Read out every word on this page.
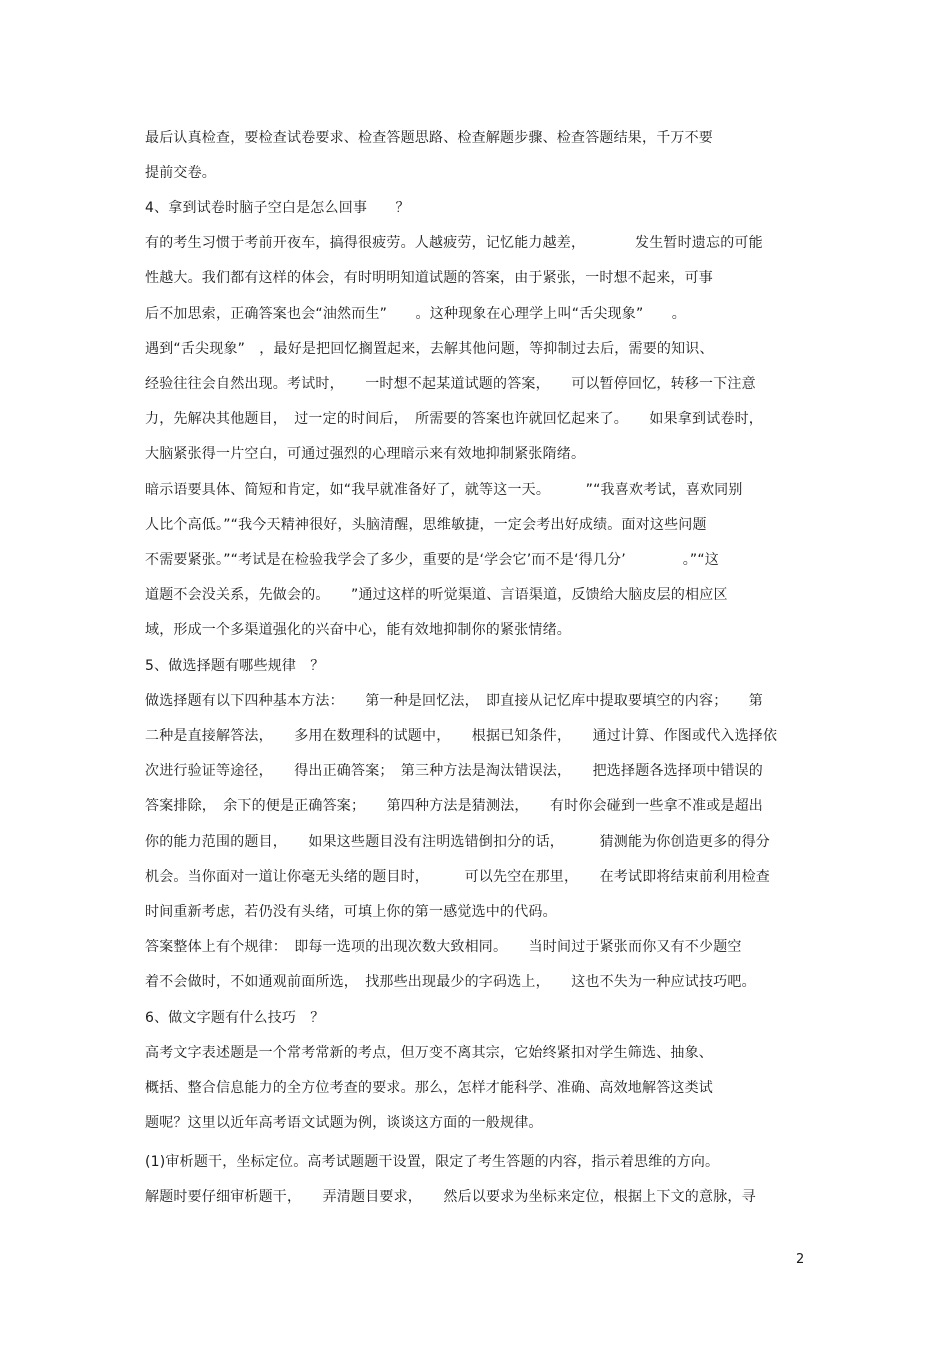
最后认真检查，要检查试卷要求、检查答题思路、检查解题步骤、检查答题结果，千万不要
提前交卷。
4、拿到试卷时脑子空白是怎么回事　　？
有的考生习惯于考前开夜车，搞得很疲劳。人越疲劳，记忆能力越差，　　　　发生暂时遗忘的可能
性越大。我们都有这样的体会，有时明明知道试题的答案，由于紧张，一时想不起来，可事
后不加思索，正确答案也会“油然而生”　　。这种现象在心理学上叫“舌尖现象”　　。
遇到“舌尖现象”　，最好是把回忆搁置起来，去解其他问题，等抑制过去后，需要的知识、
经验往往会自然出现。考试时，　　一时想不起某道试题的答案，　　可以暂停回忆，转移一下注意
力，先解决其他题目，　过一定的时间后，　所需要的答案也许就回忆起来了。　　如果拿到试卷时，
大脑紧张得一片空白，可通过强烈的心理暗示来有效地抑制紧张隋绪。
暗示语要具体、简短和肯定，如“我早就准备好了，就等这一天。　　　”“我喜欢考试，喜欢同别
人比个高低。”“我今天精神很好，头脑清醒，思维敏捷，一定会考出好成绩。面对这些问题
不需要紧张。”“考试是在检验我学会了多少，重要的是‘学会它’而不是‘得几分’　　　　。”“这
道题不会没关系，先做会的。　　”通过这样的听觉渠道、言语渠道，反馈给大脑皮层的相应区
域，形成一个多渠道强化的兴奋中心，能有效地抑制你的紧张情绪。
5、做选择题有哪些规律　？
做选择题有以下四种基本方法：　　第一种是回忆法，　即直接从记忆库中提取要填空的内容；　　第
二种是直接解答法，　　多用在数理科的试题中，　　根据已知条件，　　通过计算、作图或代入选择依
次进行验证等途径，　　得出正确答案；　第三种方法是淘汰错误法，　　把选择题各选择项中错误的
答案排除，　余下的便是正确答案；　　第四种方法是猜测法，　　有时你会碰到一些拿不准或是超出
你的能力范围的题目，　　如果这些题目没有注明选错倒扣分的话，　　　猜测能为你创造更多的得分
机会。当你面对一道让你毫无头绪的题目时，　　　可以先空在那里，　　在考试即将结束前利用检查
时间重新考虑，若仍没有头绪，可填上你的第一感觉选中的代码。
答案整体上有个规律：　即每一选项的出现次数大致相同。　　当时间过于紧张而你又有不少题空
着不会做时，不如通观前面所选，　找那些出现最少的字码选上，　　这也不失为一种应试技巧吧。
6、做文字题有什么技巧　？
高考文字表述题是一个常考常新的考点，但万变不离其宗，它始终紧扣对学生筛选、抽象、
概括、整合信息能力的全方位考查的要求。那么，怎样才能科学、准确、高效地解答这类试
题呢？这里以近年高考语文试题为例，谈谈这方面的一般规律。
(1)审析题干，坐标定位。高考试题题干设置，限定了考生答题的内容，指示着思维的方向。
解题时要仔细审析题干，　　弄清题目要求，　　然后以要求为坐标来定位，根据上下文的意脉，寻
2
